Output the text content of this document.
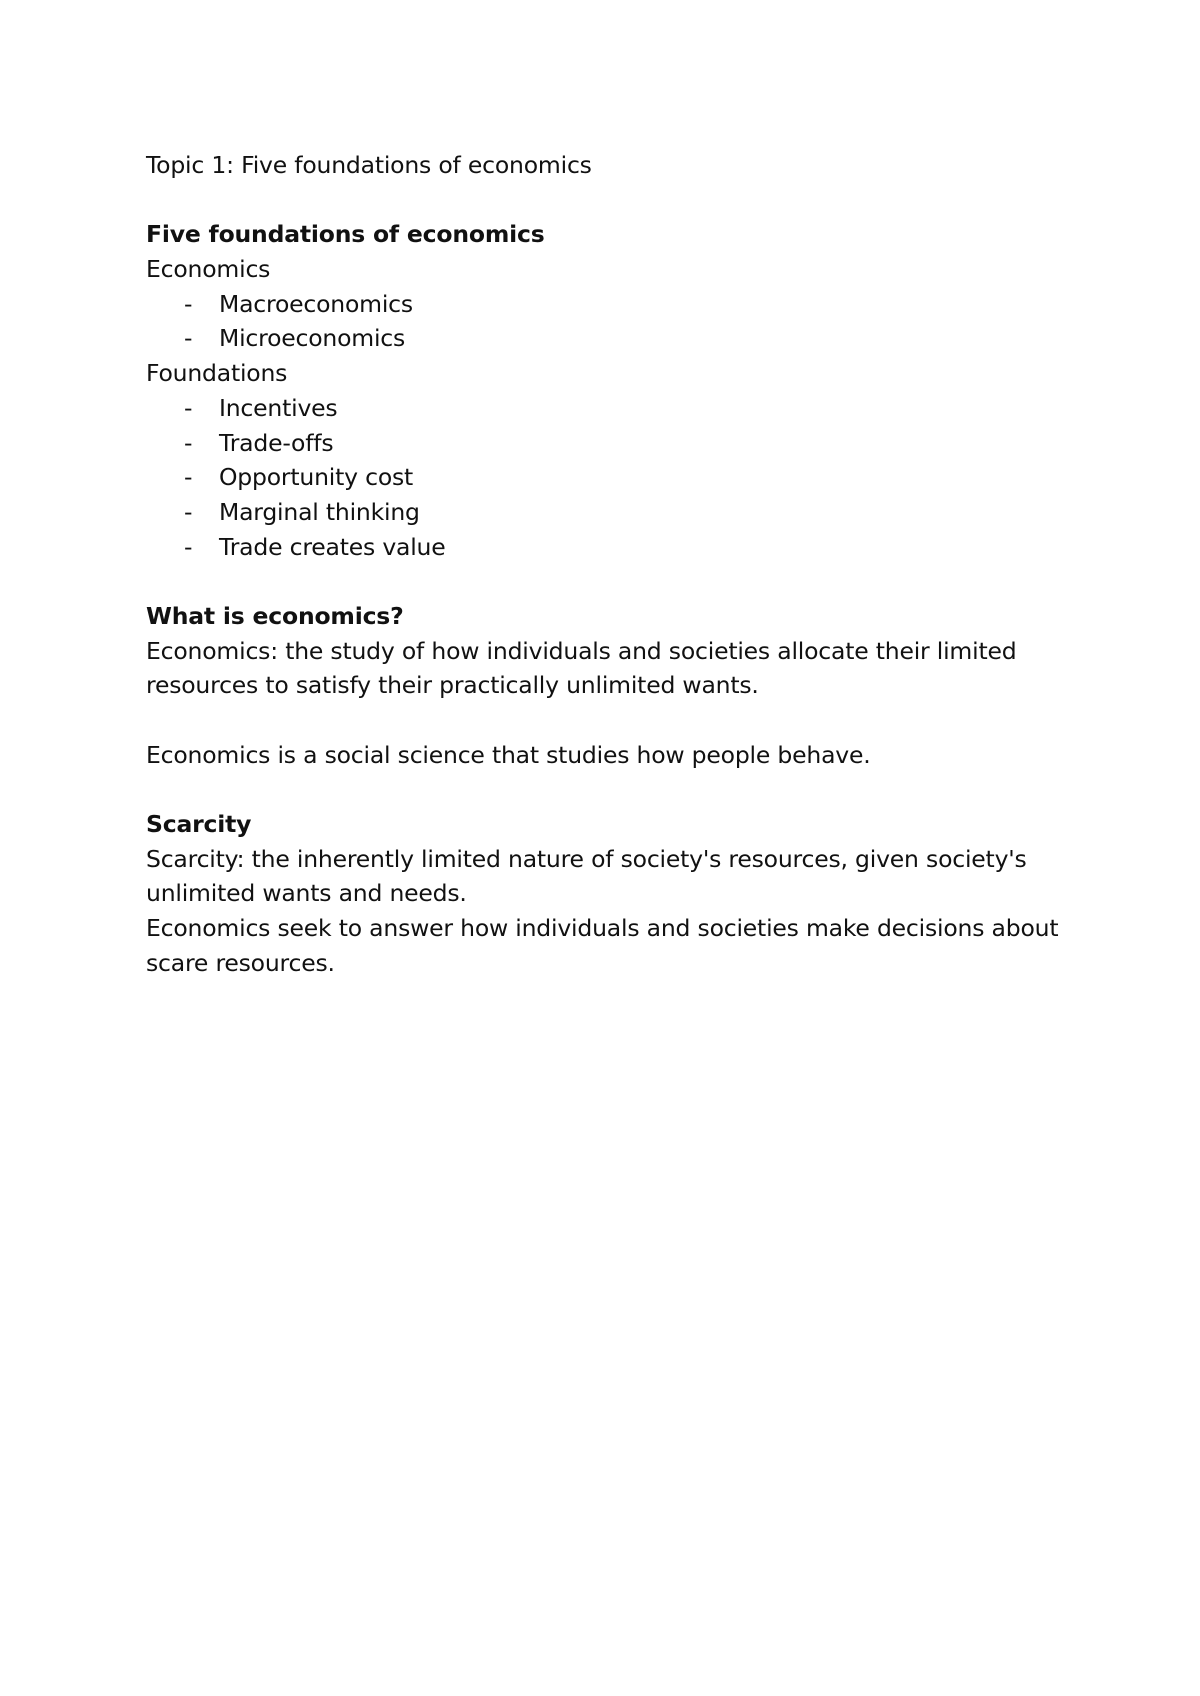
Topic 1: Five foundations of economics
Five foundations of economics
Economics
- Macroeconomics
- Microeconomics
Foundations
- Incentives
- Trade-offs
- Opportunity cost
- Marginal thinking
- Trade creates value
What is economics?
Economics: the study of how individuals and societies allocate their limited
resources to satisfy their practically unlimited wants.
Economics is a social science that studies how people behave.
Scarcity
Scarcity: the inherently limited nature of society's resources, given society's
unlimited wants and needs.
Economics seek to answer how individuals and societies make decisions about
scare resources.
